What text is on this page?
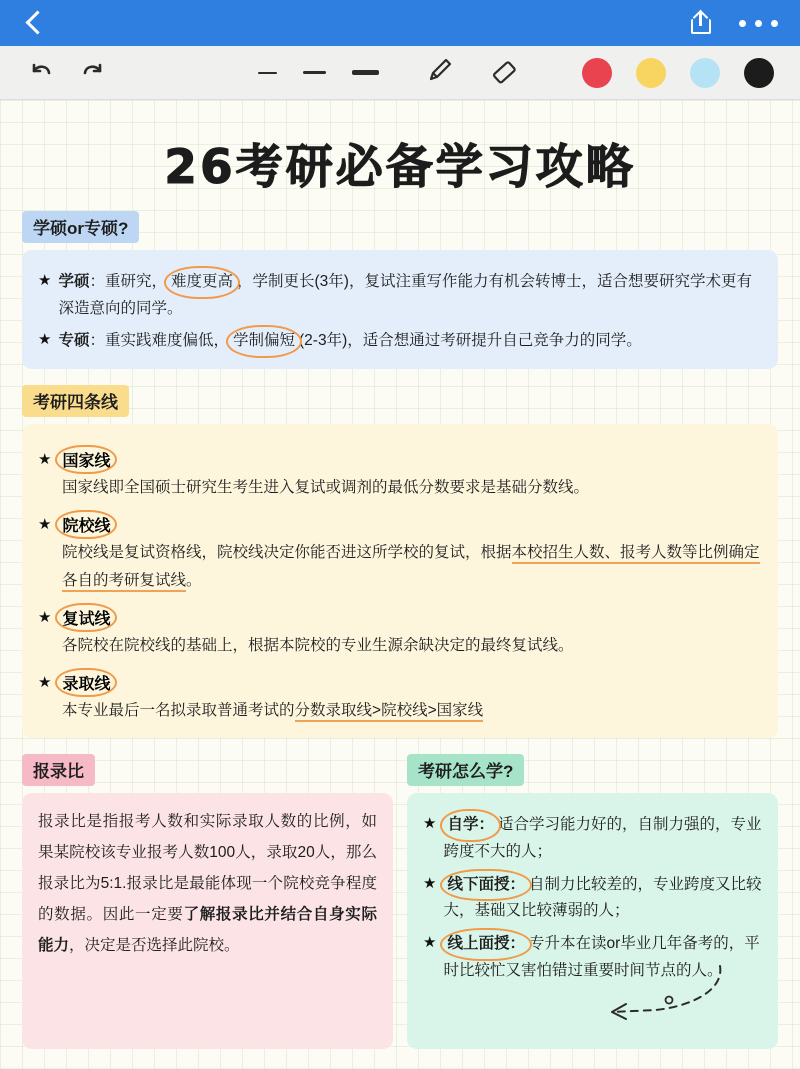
26考研必备学习攻略
学硕or专硕?
★ 学硕：重研究， 难度更高 ，学制更长(3年)，复试注重写作能力有机会转博士，适合想要研究学术更有深造意向的同学。
★ 专硕：重实践难度偏低， 学制偏短 (2-3年)，适合想通过考研提升自己竞争力的同学。
考研四条线
★ 国家线
国家线即全国硕士研究生考生进入复试或调剂的最低分数要求是基础分数线。
★ 院校线
院校线是复试资格线，院校线决定你能否进这所学校的复试，根据本校招生人数、报考人数等比例确定各自的考研复试线。
★ 复试线
各院校在院校线的基础上，根据本院校的专业生源余缺决定的最终复试线。
★ 录取线
本专业最后一名拟录取普通考试的分数录取线>院校线>国家线
报录比
报录比是指报考人数和实际录取人数的比例，如果某院校该专业报考人数100人，录取20人，那么报录比为5:1.报录比是最能体现一个院校竞争程度的数据。因此一定要了解报录比并结合自身实际能力，决定是否选择此院校。
考研怎么学?
★ 自学： 适合学习能力好的，自制力强的，专业跨度不大的人；
★ 线下面授： 自制力比较差的，专业跨度又比较大，基础又比较薄弱的人；
★ 线上面授： 专升本在读or毕业几年备考的，平时比较忙又害怕错过重要时间节点的人。
